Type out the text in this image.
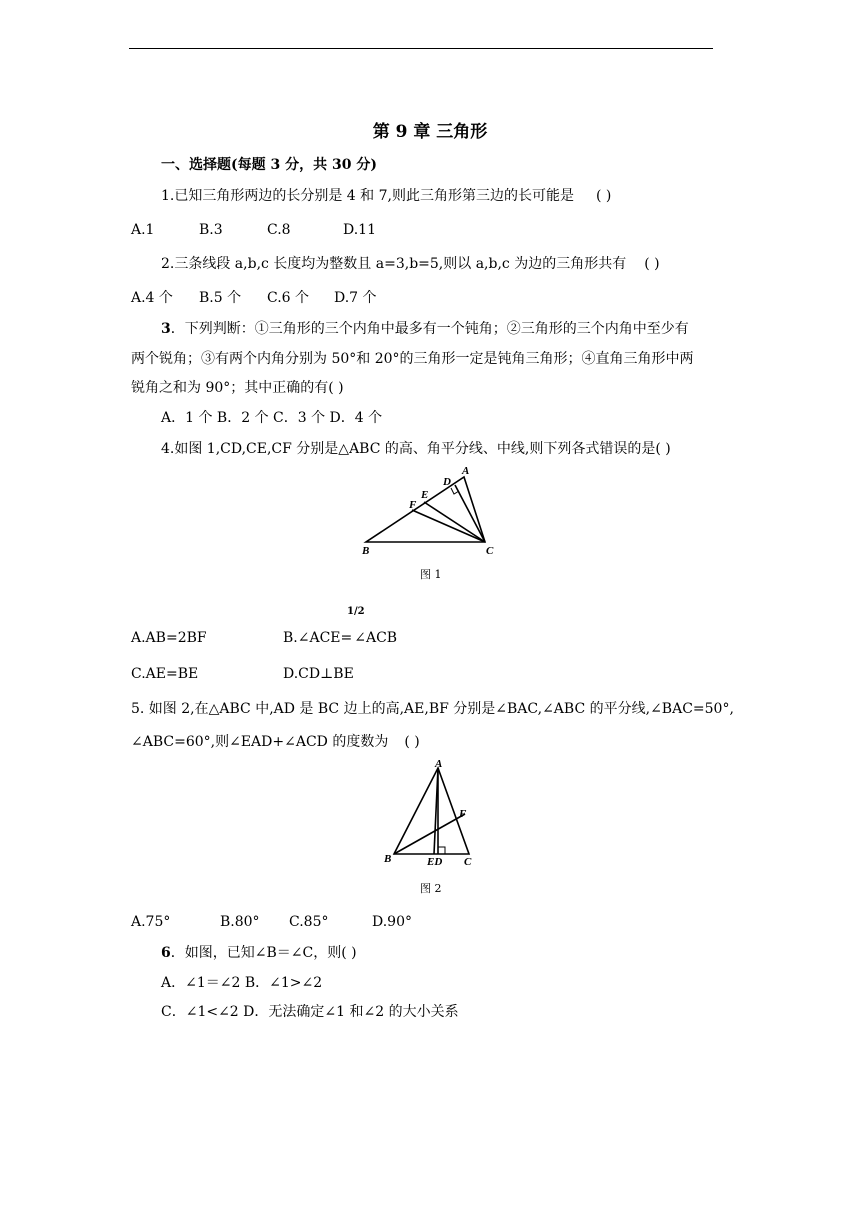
第 9 章 三角形
一、选择题(每题 3 分，共 30 分)
1.已知三角形两边的长分别是 4 和 7,则此三角形第三边的长可能是 ( )
A.1	B.3	C.8	D.11
2.三条线段 a,b,c 长度均为整数且 a=3,b=5,则以 a,b,c 为边的三角形共有 ( )
A.4 个 B.5 个 C.6 个 D.7 个
3．下列判断：①三角形的三个内角中最多有一个钝角；②三角形的三个内角中至少有
两个锐角；③有两个内角分别为 50°和 20°的三角形一定是钝角三角形；④直角三角形中两
锐角之和为 90°；其中正确的有( )
A．1 个 B．2 个 C．3 个 D．4 个
4.如图 1,CD,CE,CF 分别是△ABC 的高、角平分线、中线,则下列各式错误的是( )
A
D
E
F
B	C
图 1
A.AB=2BF	B.∠ACE= ∠ACB
1/2
C.AE=BE	D.CD⊥BE
5. 如图 2,在△ABC 中,AD 是 BC 边上的高,AE,BF 分别是∠BAC,∠ABC 的平分线,∠BAC=50°,
∠ABC=60°,则∠EAD+∠ACD 的度数为 ( )
A
F
B	ED C
图 2
A.75°	B.80° C.85°	D.90°
6．如图，已知∠B＝∠C，则( )
A．∠1＝∠2 B．∠1>∠2
C．∠1<∠2 D．无法确定∠1 和∠2 的大小关系
